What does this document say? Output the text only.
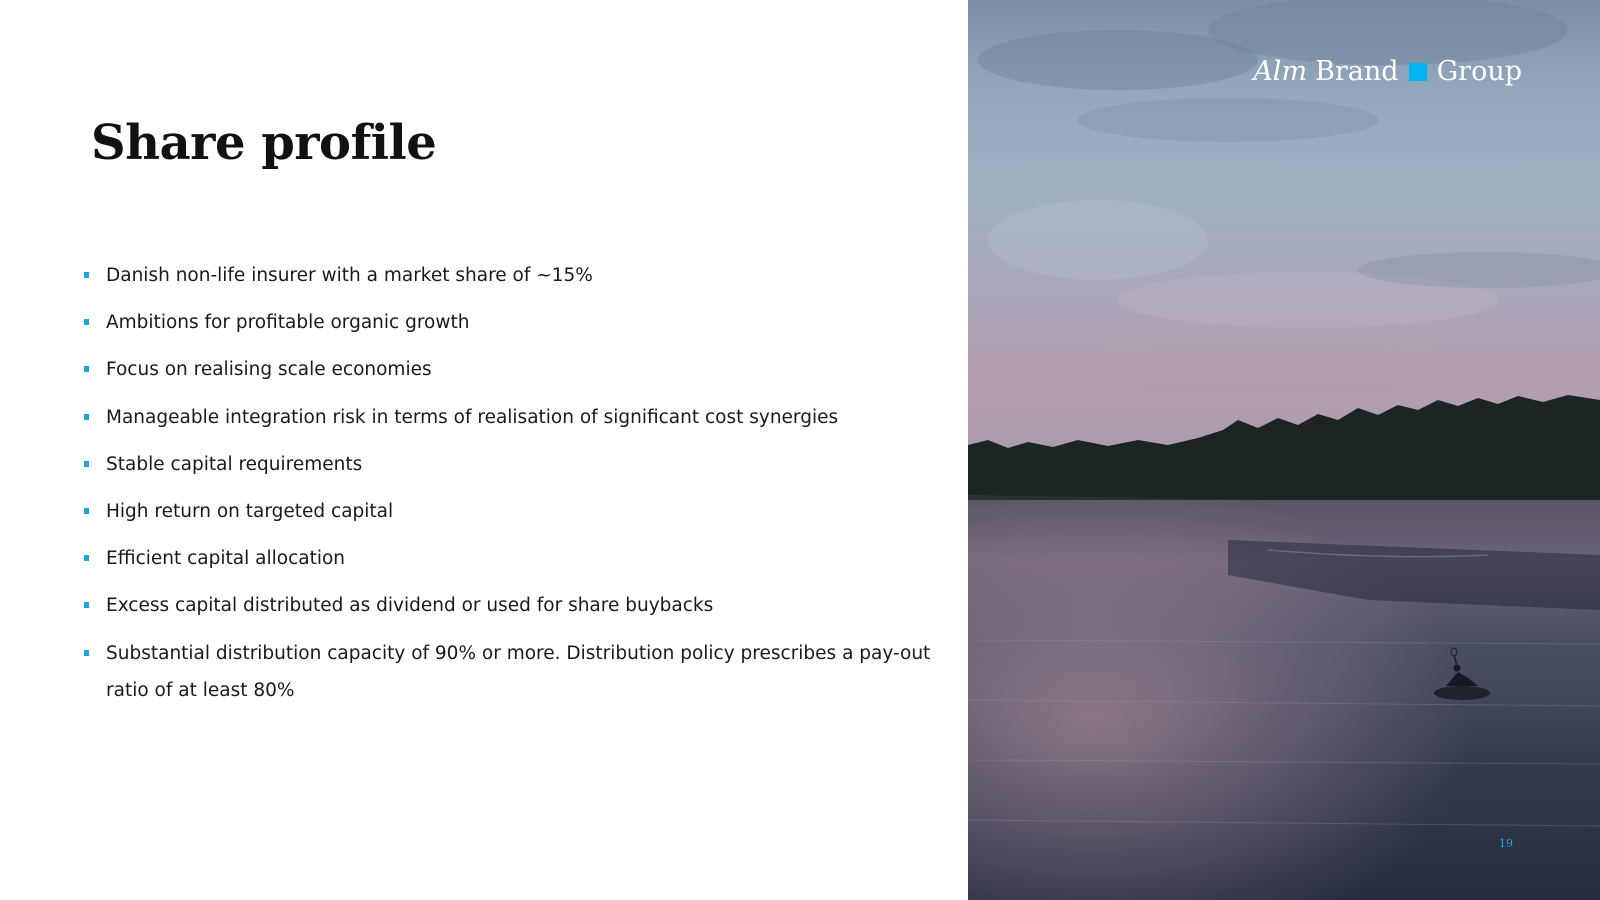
Share profile
Danish non-life insurer with a market share of ~15%
Ambitions for profitable organic growth
Focus on realising scale economies
Manageable integration risk in terms of realisation of significant cost synergies
Stable capital requirements
High return on targeted capital
Efficient capital allocation
Excess capital distributed as dividend or used for share buybacks
Substantial distribution capacity of 90% or more. Distribution policy prescribes a pay-out ratio of at least 80%
Alm Brand Group
19
